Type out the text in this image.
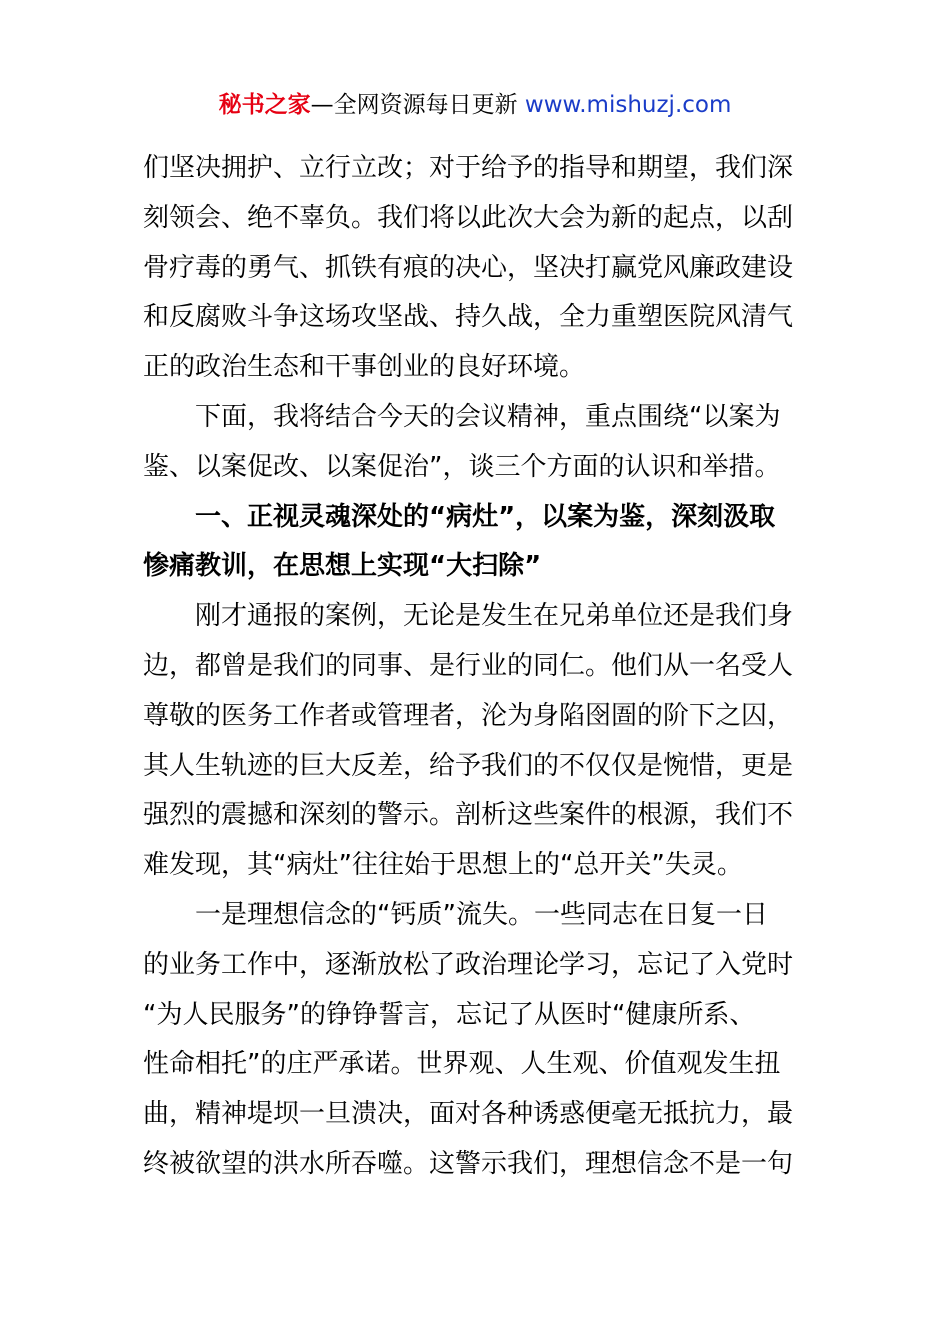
秘书之家—全网资源每日更新 www.mishuzj.com
们坚决拥护、立行立改；对于给予的指导和期望，我们深
刻领会、绝不辜负。我们将以此次大会为新的起点，以刮
骨疗毒的勇气、抓铁有痕的决心，坚决打赢党风廉政建设
和反腐败斗争这场攻坚战、持久战，全力重塑医院风清气
正的政治生态和干事创业的良好环境。
下面，我将结合今天的会议精神，重点围绕“以案为
鉴、以案促改、以案促治”，谈三个方面的认识和举措。
一、正视灵魂深处的“病灶”，以案为鉴，深刻汲取
惨痛教训，在思想上实现“大扫除”
刚才通报的案例，无论是发生在兄弟单位还是我们身
边，都曾是我们的同事、是行业的同仁。他们从一名受人
尊敬的医务工作者或管理者，沦为身陷囹圄的阶下之囚，
其人生轨迹的巨大反差，给予我们的不仅仅是惋惜，更是
强烈的震撼和深刻的警示。剖析这些案件的根源，我们不
难发现，其“病灶”往往始于思想上的“总开关”失灵。
一是理想信念的“钙质”流失。一些同志在日复一日
的业务工作中，逐渐放松了政治理论学习，忘记了入党时
“为人民服务”的铮铮誓言，忘记了从医时“健康所系、
性命相托”的庄严承诺。世界观、人生观、价值观发生扭
曲，精神堤坝一旦溃决，面对各种诱惑便毫无抵抗力，最
终被欲望的洪水所吞噬。这警示我们，理想信念不是一句
